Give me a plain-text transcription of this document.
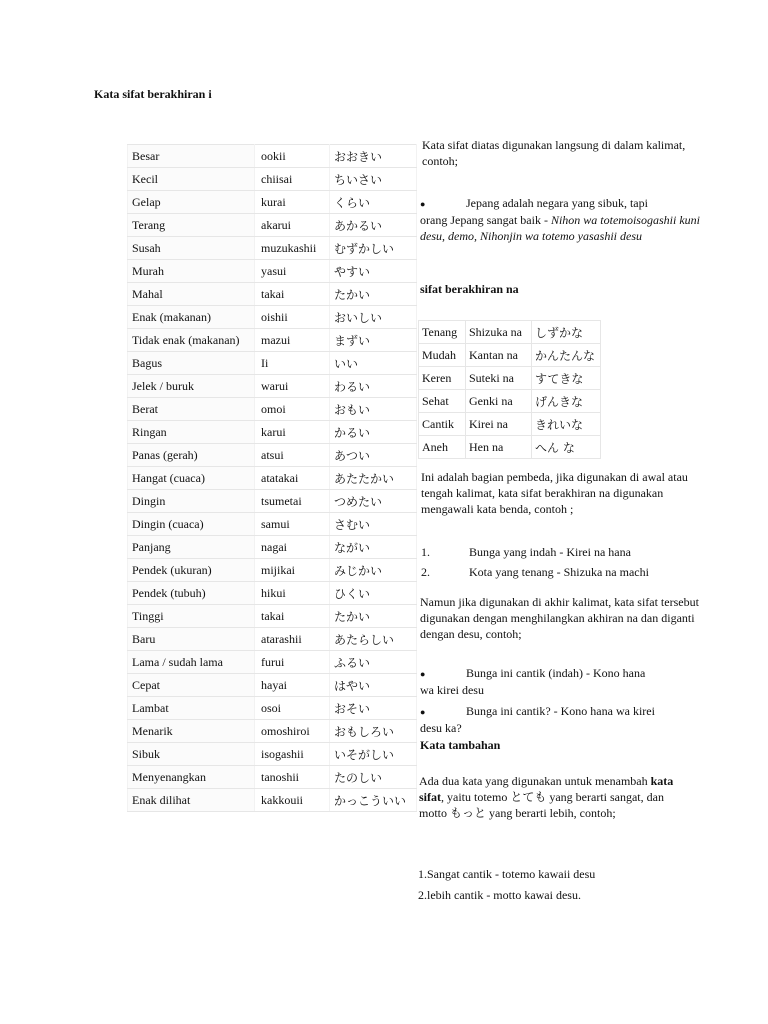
Kata sifat berakhiran i
Besar	ookii	おおきい
Kecil	chiisai	ちいさい
Gelap	kurai	くらい
Terang	akarui	あかるい
Susah	muzukashii	むずかしい
Murah	yasui	やすい
Mahal	takai	たかい
Enak (makanan)	oishii	おいしい
Tidak enak (makanan)	mazui	まずい
Bagus	Ii	いい
Jelek / buruk	warui	わるい
Berat	omoi	おもい
Ringan	karui	かるい
Panas (gerah)	atsui	あつい
Hangat (cuaca)	atatakai	あたたかい
Dingin	tsumetai	つめたい
Dingin (cuaca)	samui	さむい
Panjang	nagai	ながい
Pendek (ukuran)	mijikai	みじかい
Pendek (tubuh)	hikui	ひくい
Tinggi	takai	たかい
Baru	atarashii	あたらしい
Lama / sudah lama	furui	ふるい
Cepat	hayai	はやい
Lambat	osoi	おそい
Menarik	omoshiroi	おもしろい
Sibuk	isogashii	いそがしい
Menyenangkan	tanoshii	たのしい
Enak dilihat	kakkouii	かっこういい
Kata sifat diatas digunakan langsung di dalam kalimat, contoh;
●	Jepang adalah negara yang sibuk, tapi
orang Jepang sangat baik - Nihon wa totemoisogashii kuni desu, demo, Nihonjin wa totemo yasashii desu
sifat berakhiran na
Tenang	Shizuka na	しずかな
Mudah	Kantan na	かんたんな
Keren	Suteki na	すてきな
Sehat	Genki na	げんきな
Cantik	Kirei na	きれいな
Aneh	Hen na	へん な
Ini adalah bagian pembeda, jika digunakan di awal atau tengah kalimat, kata sifat berakhiran na digunakan mengawali kata benda, contoh ;
1.	Bunga yang indah - Kirei na hana
2.	Kota yang tenang - Shizuka na machi
Namun jika digunakan di akhir kalimat, kata sifat tersebut digunakan dengan menghilangkan akhiran na dan diganti dengan desu, contoh;
●	Bunga ini cantik (indah) - Kono hana
wa kirei desu
●	Bunga ini cantik? - Kono hana wa kirei
desu ka?
Kata tambahan
Ada dua kata yang digunakan untuk menambah kata sifat, yaitu totemo とても yang berarti sangat, dan motto もっと yang berarti lebih, contoh;
1.Sangat cantik - totemo kawaii desu
2.lebih cantik - motto kawai desu.
